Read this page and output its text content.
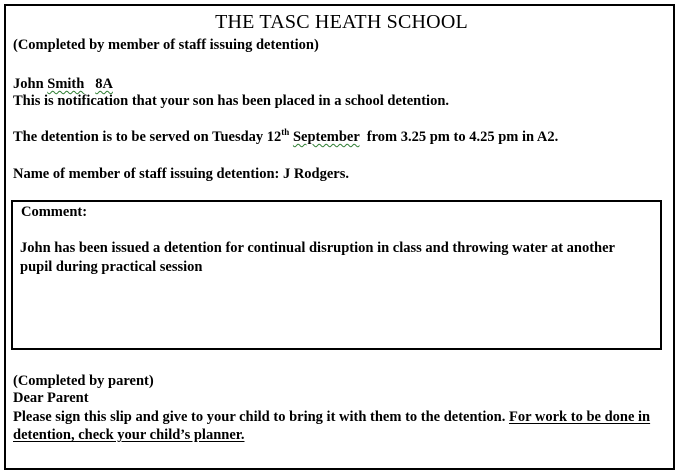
THE TASC HEATH SCHOOL
(Completed by member of staff issuing detention)
John Smith 8A
This is notification that your son has been placed in a school detention.
The detention is to be served on Tuesday 12th September  from 3.25 pm to 4.25 pm in A2.
Name of member of staff issuing detention: J Rodgers.
Comment:
John has been issued a detention for continual disruption in class and throwing water at another pupil during practical session
(Completed by parent)
Dear Parent
Please sign this slip and give to your child to bring it with them to the detention. For work to be done in detention, check your child’s planner.
